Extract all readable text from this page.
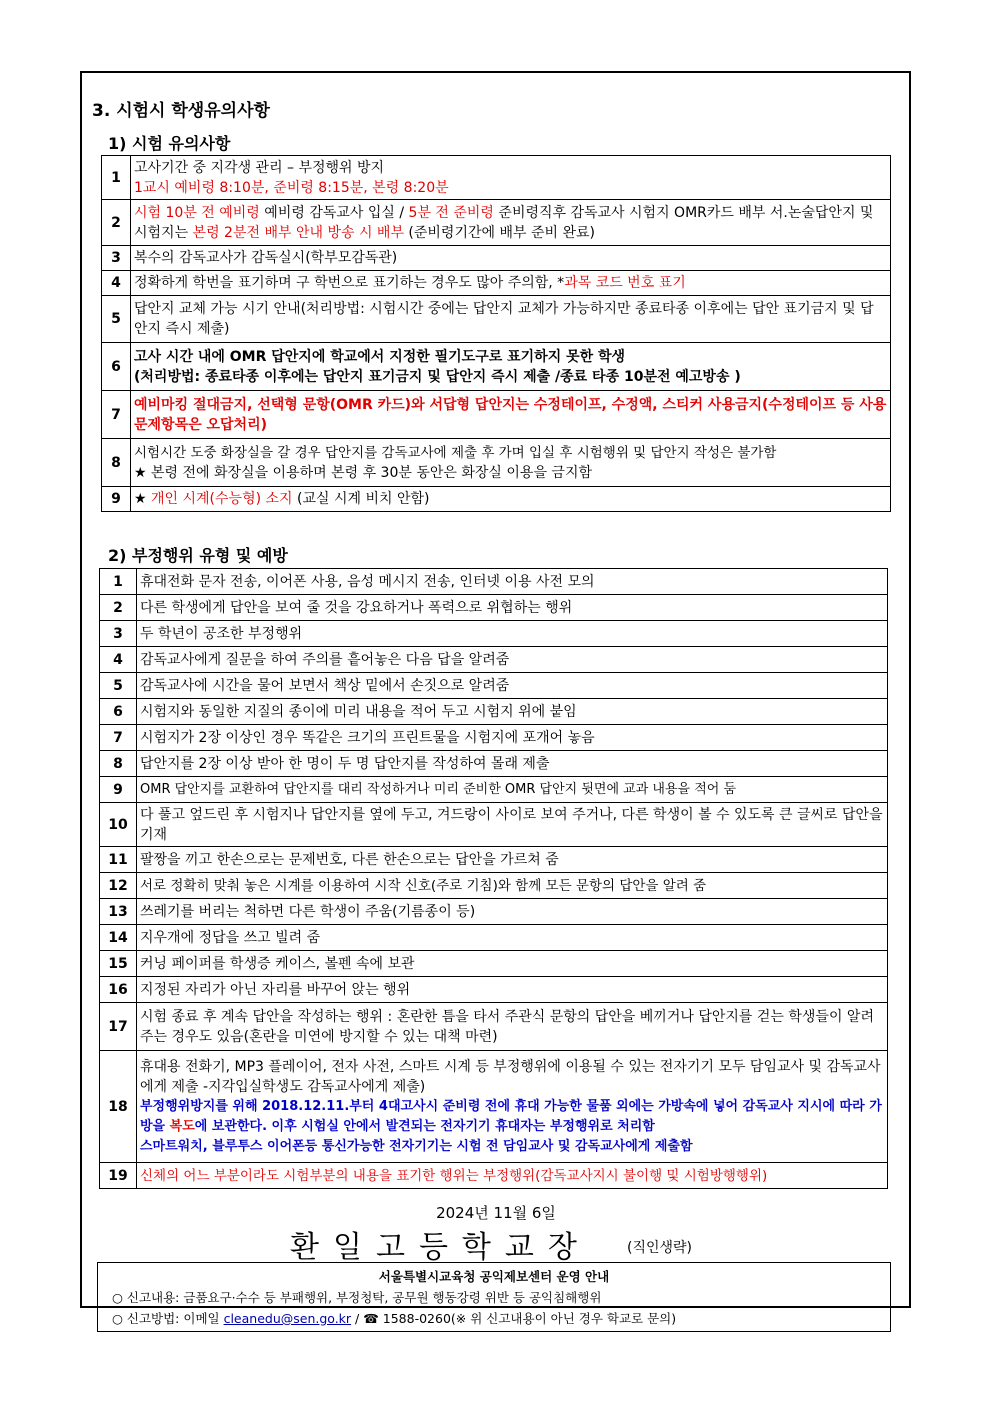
3. 시험시 학생유의사항
1) 시험 유의사항
1	고사기간 중 지각생 관리 – 부정행위 방지
1교시 예비령 8:10분, 준비령 8:15분, 본령 8:20분

2	시험 10분 전 예비령 예비령 감독교사 입실 / 5분 전 준비령 준비령직후 감독교사 시험지 OMR카드 배부 서.논술답안지 및 시험지는 본령 2분전 배부 안내 방송 시 배부 (준비령기간에 배부 준비 완료)
3	복수의 감독교사가 감독실시(학부모감독관)
4	정확하게 학번을 표기하며 구 학번으로 표기하는 경우도 많아 주의함, *과목 코드 번호 표기
5	답안지 교체 가능 시기 안내(처리방법: 시험시간 중에는 답안지 교체가 가능하지만 종료타종 이후에는 답안 표기금지 및 답안지 즉시 제출)
6	고사 시간 내에 OMR 답안지에 학교에서 지정한 필기도구로 표기하지 못한 학생
(처리방법: 종료타종 이후에는 답안지 표기금지 및 답안지 즉시 제출 /종료 타종 10분전 예고방송 )

7	예비마킹 절대금지, 선택형 문항(OMR 카드)와 서답형 답안지는 수정테이프, 수정액, 스티커 사용금지(수정테이프 등 사용 문제항목은 오답처리)
8	시험시간 도중 화장실을 갈 경우 답안지를 감독교사에 제출 후 가며 입실 후 시험행위 및 답안지 작성은 불가함
★ 본령 전에 화장실을 이용하며 본령 후 30분 동안은 화장실 이용을 금지함

9	★ 개인 시계(수능형) 소지 (교실 시계 비치 안함)
2) 부정행위 유형 및 예방
1	휴대전화 문자 전송, 이어폰 사용, 음성 메시지 전송, 인터넷 이용 사전 모의
2	다른 학생에게 답안을 보여 줄 것을 강요하거나 폭력으로 위협하는 행위
3	두 학년이 공조한 부정행위
4	감독교사에게 질문을 하여 주의를 흩어놓은 다음 답을 알려줌
5	감독교사에 시간을 물어 보면서 책상 밑에서 손짓으로 알려줌
6	시험지와 동일한 지질의 종이에 미리 내용을 적어 두고 시험지 위에 붙임
7	시험지가 2장 이상인 경우 똑같은 크기의 프린트물을 시험지에 포개어 놓음
8	답안지를 2장 이상 받아 한 명이 두 명 답안지를 작성하여 몰래 제출
9	OMR 답안지를 교환하여 답안지를 대리 작성하거나 미리 준비한 OMR 답안지 뒷면에 교과 내용을 적어 둠
10	다 풀고 엎드린 후 시험지나 답안지를 옆에 두고, 겨드랑이 사이로 보여 주거나, 다른 학생이 볼 수 있도록 큰 글씨로 답안을 기재
11	팔짱을 끼고 한손으로는 문제번호, 다른 한손으로는 답안을 가르쳐 줌
12	서로 정확히 맞춰 놓은 시계를 이용하여 시작 신호(주로 기침)와 함께 모든 문항의 답안을 알려 줌
13	쓰레기를 버리는 척하면 다른 학생이 주움(기름종이 등)
14	지우개에 정답을 쓰고 빌려 줌
15	커닝 페이퍼를 학생증 케이스, 볼펜 속에 보관
16	지정된 자리가 아닌 자리를 바꾸어 앉는 행위
17	시험 종료 후 계속 답안을 작성하는 행위 : 혼란한 틈을 타서 주관식 문항의 답안을 베끼거나 답안지를 걷는 학생들이 알려주는 경우도 있음(혼란을 미연에 방지할 수 있는 대책 마련)
18	휴대용 전화기, MP3 플레이어, 전자 사전, 스마트 시계 등 부정행위에 이용될 수 있는 전자기기 모두 담임교사 및 감독교사에게 제출 -지각입실학생도 감독교사에게 제출)
부정행위방지를 위해 2018.12.11.부터 4대고사시 준비령 전에 휴대 가능한 물품 외에는 가방속에 넣어 감독교사 지시에 따라 가방을 복도에 보관한다. 이후 시험실 안에서 발견되는 전자기기 휴대자는 부정행위로 처리함
스마트워치, 블루투스 이어폰등 통신가능한 전자기기는 시험 전 담임교사 및 감독교사에게 제출함

19	신체의 어느 부분이라도 시험부분의 내용을 표기한 행위는 부정행위(감독교사지시 불이행 및 시험방행행위)
2024년 11월 6일
환일고등학교장	(직인생략)
서울특별시교육청 공익제보센터 운영 안내
○ 신고내용: 금품요구·수수 등 부패행위, 부정청탁, 공무원 행동강령 위반 등 공익침해행위
○ 신고방법: 이메일 cleanedu@sen.go.kr / ☎ 1588-0260(※ 위 신고내용이 아닌 경우 학교로 문의)
